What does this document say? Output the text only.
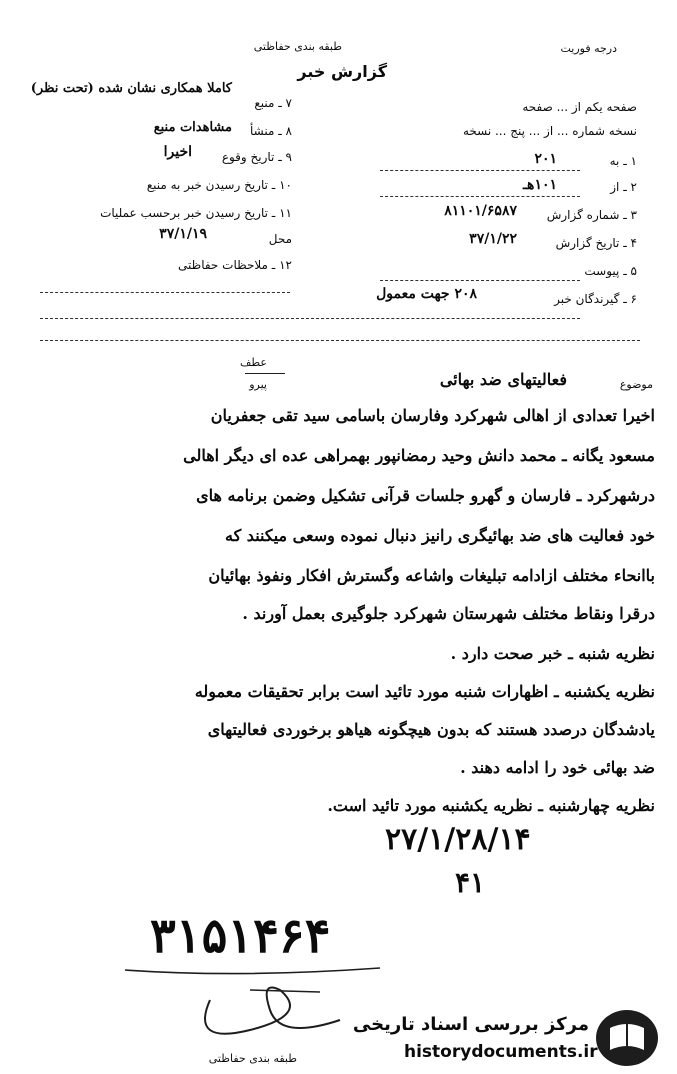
طبقه بندی حفاظتی
گزارش خبر
درجه فوریت
صفحه یکم از ... صفحه
نسخه شماره ... از ... پنج ... نسخه
۱ ـ به
۲۰۱
۲ ـ از
۱۰۱هـ
۳ ـ شماره گزارش
۸۱۱۰۱/۶۵۸۷
۴ ـ تاریخ گزارش
۳۷/۱/۲۲
۵ ـ پیوست
۶ ـ گیرندگان خبر
۲۰۸ جهت معمول
۷ ـ منبع
کاملا همکاری نشان شده (تحت نظر)
۸ ـ منشأ
مشاهدات منبع
۹ ـ تاریخ وقوع
اخیرا
۱۰ ـ تاریخ رسیدن خبر به منبع
۱۱ ـ تاریخ رسیدن خبر برحسب عملیات
محل
۳۷/۱/۱۹
۱۲ ـ ملاحظات حفاظتی
موضوع
فعالیتهای ضد بهائی
عطف
پیرو
اخیرا تعدادی از اهالی شهرکرد وفارسان باسامی سید تقی جعفریان
مسعود یگانه ـ محمد دانش وحید رمضانپور بهمراهی عده ای دیگر اهالی
درشهرکرد ـ فارسان و گهرو جلسات قرآنی تشکیل وضمن برنامه های
خود فعالیت های ضد بهائیگری رانیز دنبال نموده وسعی میکنند که
باانحاء مختلف ازادامه تبلیغات واشاعه وگسترش افکار ونفوذ بهائیان
درقرا ونقاط مختلف شهرستان شهرکرد جلوگیری بعمل آورند .
نظریه شنبه ـ خبر صحت دارد .
نظریه یکشنبه ـ اظهارات شنبه مورد تائید است برابر تحقیقات معموله
یادشدگان درصدد هستند که بدون هیچگونه هیاهو برخوردی فعالیتهای
ضد بهائی خود را ادامه دهند .
نظریه چهارشنبه ـ نظریه یکشنبه مورد تائید است.
۲۷/۱/۲۸/۱۴
۴۱
۳۱۵۱۴۶۴
طبقه بندی حفاظتی
مرکز بررسی اسناد تاریخی
historydocuments.ir
